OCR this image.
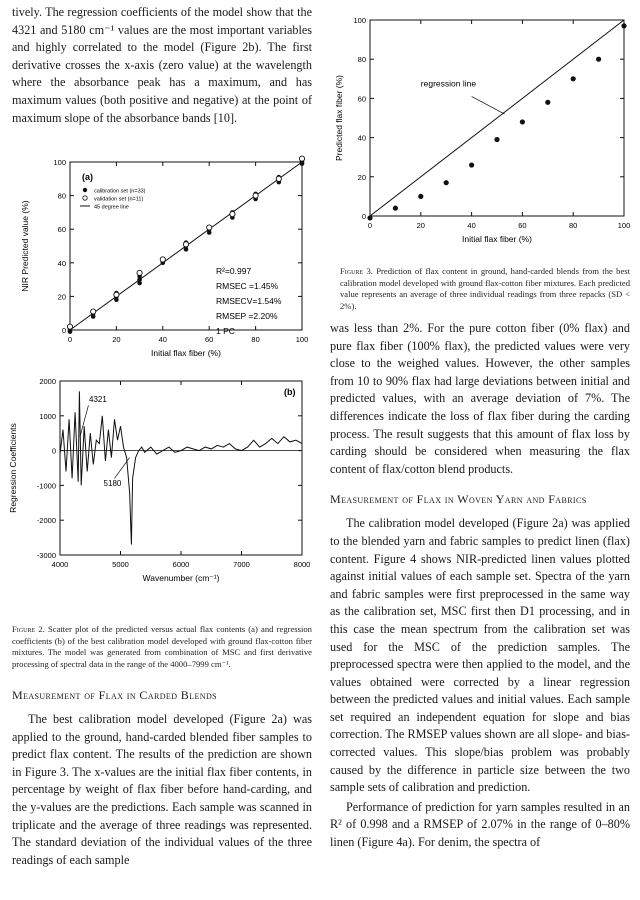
tively. The regression coefficients of the model show that the 4321 and 5180 cm⁻¹ values are the most important variables and highly correlated to the model (Figure 2b). The first derivative crosses the x-axis (zero value) at the wavelength where the absorbance peak has a maximum, and has maximum values (both positive and negative) at the point of maximum slope of the absorbance bands [10].

0	20	40	60	80	100
0
20
40
60
80
100
Initial flax fiber (%)
NIR Predicted value (%)
(a)
calibration set (n=33)
validation set (n=11)
45 degree line
R²=0.997
RMSEC =1.45%
RMSECV=1.54%
RMSEP =2.20%
1 PC
4000	5000	6000	7000	8000
-3000
-2000
-1000
0
1000
2000
Wavenumber (cm⁻¹)
Regression Coefficients
(b)
4321
5180

Figure 2. Scatter plot of the predicted versus actual flax contents (a) and regression coefficients (b) of the best calibration model developed with ground flax-cotton fiber mixtures. The model was generated from combination of MSC and first derivative processing of spectral data in the range of the 4000–7999 cm⁻¹.

Measurement of Flax in Carded Blends

The best calibration model developed (Figure 2a) was applied to the ground, hand-carded blended fiber samples to predict flax content. The results of the prediction are shown in Figure 3. The x-values are the initial flax fiber contents, in percentage by weight of flax fiber before hand-carding, and the y-values are the predictions. Each sample was scanned in triplicate and the average of three readings was represented. The standard deviation of the individual values of the three readings of each sample

0	20	40	60	80	100
0
20
40
60
80
100
Initial flax fiber (%)
Predicted flax fiber (%)	regression line

Figure 3. Prediction of flax content in ground, hand-carded blends from the best calibration model developed with ground flax-cotton fiber mixtures. Each predicted value represents an average of three individual readings from three repacks (SD < 2%).

was less than 2%. For the pure cotton fiber (0% flax) and pure flax fiber (100% flax), the predicted values were very close to the weighed values. However, the other samples from 10 to 90% flax had large deviations between initial and predicted values, with an average deviation of 7%. The differences indicate the loss of flax fiber during the carding process. The result suggests that this amount of flax loss by carding should be considered when measuring the flax content of flax/cotton blend products.

Measurement of Flax in Woven Yarn and Fabrics

The calibration model developed (Figure 2a) was applied to the blended yarn and fabric samples to predict linen (flax) content. Figure 4 shows NIR-predicted linen values plotted against initial values of each sample set. Spectra of the yarn and fabric samples were first preprocessed in the same way as the calibration set, MSC first then D1 processing, and in this case the mean spectrum from the calibration set was used for the MSC of the prediction samples. The preprocessed spectra were then applied to the model, and the values obtained were corrected by a linear regression between the predicted values and initial values. Each sample set required an independent equation for slope and bias correction. The RMSEP values shown are all slope- and bias-corrected values. This slope/bias problem was probably caused by the difference in particle size between the two sample sets of calibration and prediction.

Performance of prediction for yarn samples resulted in an R² of 0.998 and a RMSEP of 2.07% in the range of 0–80% linen (Figure 4a). For denim, the spectra of
